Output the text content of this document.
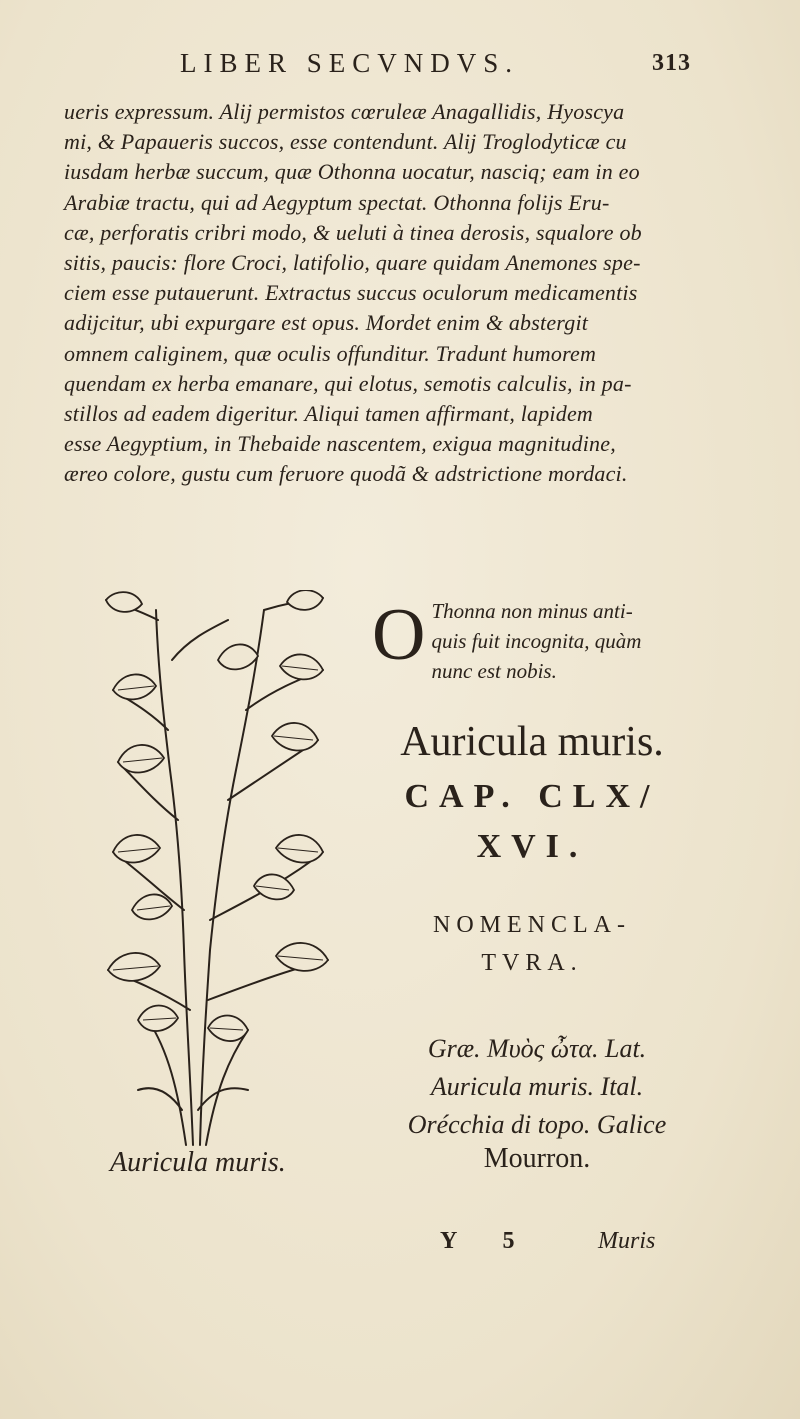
LIBER SECVNDVS.	313
ueris expressum. Alij permistos cœruleæ Anagallidis, Hyoscya
mi, & Papaueris succos, esse contendunt. Alij Troglodyticæ cu
iusdam herbæ succum, quæ Othonna uocatur, nasciq; eam in eo
Arabiæ tractu, qui ad Aegyptum spectat. Othonna folijs Eru-
cæ, perforatis cribri modo, & ueluti à tinea derosis, squalore ob
sitis, paucis: flore Croci, latifolio, quare quidam Anemones spe-
ciem esse putauerunt. Extractus succus oculorum medicamentis
adijcitur, ubi expurgare est opus. Mordet enim & abstergit
omnem caliginem, quæ oculis offunditur. Tradunt humorem
quendam ex herba emanare, qui elotus, semotis calculis, in pa-
stillos ad eadem digeritur. Aliqui tamen affirmant, lapidem
esse Aegyptium, in Thebaide nascentem, exigua magnitudine,
æreo colore, gustu cum feruore quodã & adstrictione mordaci.
Auricula muris.
O Thonna non minus anti-
quis fuit incognita, quàm
nunc est nobis.
Auricula muris.
CAP. CLX/
XVI.
NOMENCLA-
TVRA.
Græ. Μυὸς ὦτα. Lat.
Auricula muris. Ital.
Orécchia di topo. Galice
Mourron.
Y 5	Muris
